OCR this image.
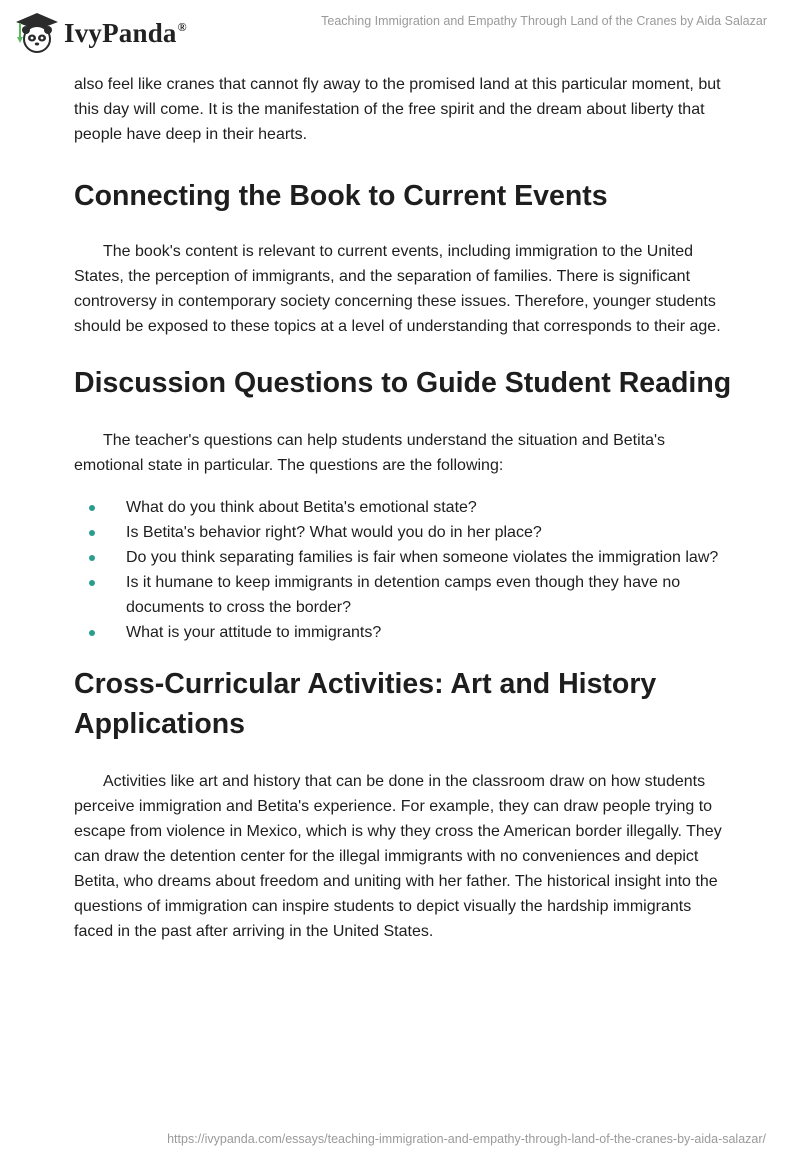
IvyPanda®	Teaching Immigration and Empathy Through Land of the Cranes by Aida Salazar

also feel like cranes that cannot fly away to the promised land at this particular moment, but this day will come. It is the manifestation of the free spirit and the dream about liberty that people have deep in their hearts.

Connecting the Book to Current Events

The book's content is relevant to current events, including immigration to the United States, the perception of immigrants, and the separation of families. There is significant controversy in contemporary society concerning these issues. Therefore, younger students should be exposed to these topics at a level of understanding that corresponds to their age.

Discussion Questions to Guide Student Reading

The teacher's questions can help students understand the situation and Betita's emotional state in particular. The questions are the following:

What do you think about Betita's emotional state?
Is Betita's behavior right? What would you do in her place?
Do you think separating families is fair when someone violates the immigration law?
Is it humane to keep immigrants in detention camps even though they have no documents to cross the border?
What is your attitude to immigrants?
Cross-Curricular Activities: Art and History Applications

Activities like art and history that can be done in the classroom draw on how students perceive immigration and Betita's experience. For example, they can draw people trying to escape from violence in Mexico, which is why they cross the American border illegally. They can draw the detention center for the illegal immigrants with no conveniences and depict Betita, who dreams about freedom and uniting with her father. The historical insight into the questions of immigration can inspire students to depict visually the hardship immigrants faced in the past after arriving in the United States.

https://ivypanda.com/essays/teaching-immigration-and-empathy-through-land-of-the-cranes-by-aida-salazar/
